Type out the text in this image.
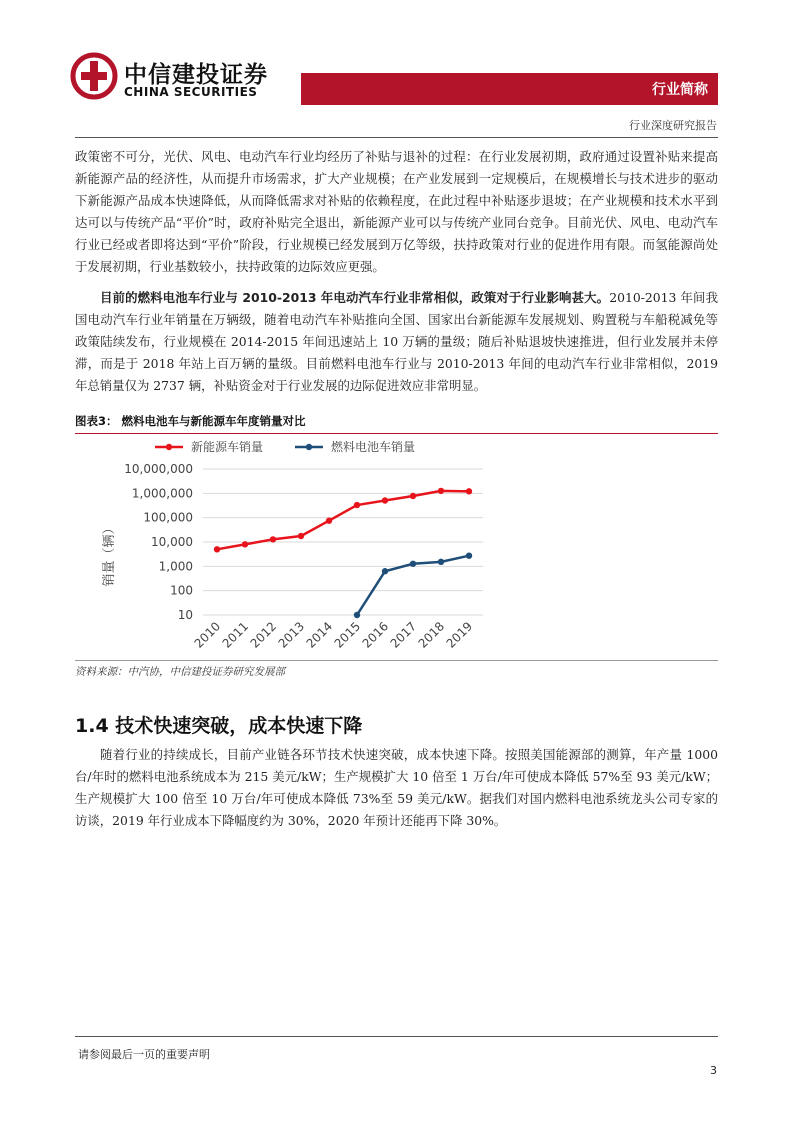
中信建投证券
CHINA SECURITIES	行业简称
行业深度研究报告

政策密不可分，光伏、风电、电动汽车行业均经历了补贴与退补的过程：在行业发展初期，政府通过设置补贴来提高新能源产品的经济性，从而提升市场需求，扩大产业规模；在产业发展到一定规模后，在规模增长与技术进步的驱动下新能源产品成本快速降低，从而降低需求对补贴的依赖程度，在此过程中补贴逐步退坡；在产业规模和技术水平到达可以与传统产品“平价”时，政府补贴完全退出，新能源产业可以与传统产业同台竞争。目前光伏、风电、电动汽车行业已经或者即将达到“平价”阶段，行业规模已经发展到万亿等级，扶持政策对行业的促进作用有限。而氢能源尚处于发展初期，行业基数较小，扶持政策的边际效应更强。

目前的燃料电池车行业与 2010-2013 年电动汽车行业非常相似，政策对于行业影响甚大。2010-2013 年间我国电动汽车行业年销量在万辆级，随着电动汽车补贴推向全国、国家出台新能源车发展规划、购置税与车船税减免等政策陆续发布，行业规模在 2014-2015 年间迅速站上 10 万辆的量级；随后补贴退坡快速推进，但行业发展并未停滞，而是于 2018 年站上百万辆的量级。目前燃料电池车行业与 2010-2013 年间的电动汽车行业非常相似，2019 年总销量仅为 2737 辆，补贴资金对于行业发展的边际促进效应非常明显。

图表3： 燃料电池车与新能源车年度销量对比
新能源车销量	燃料电池车销量
10
100
1,000
10,000
100,000
1,000,000
10,000,000
2010
2011
2012
2013
2014
2015
2016
2017
2018
2019
销量（辆）
资料来源：中汽协，中信建投证券研究发展部
1.4 技术快速突破，成本快速下降

随着行业的持续成长，目前产业链各环节技术快速突破，成本快速下降。按照美国能源部的测算，年产量 1000 台/年时的燃料电池系统成本为 215 美元/kW；生产规模扩大 10 倍至 1 万台/年可使成本降低 57%至 93 美元/kW；生产规模扩大 100 倍至 10 万台/年可使成本降低 73%至 59 美元/kW。据我们对国内燃料电池系统龙头公司专家的访谈，2019 年行业成本下降幅度约为 30%，2020 年预计还能再下降 30%。

请参阅最后一页的重要声明
3
